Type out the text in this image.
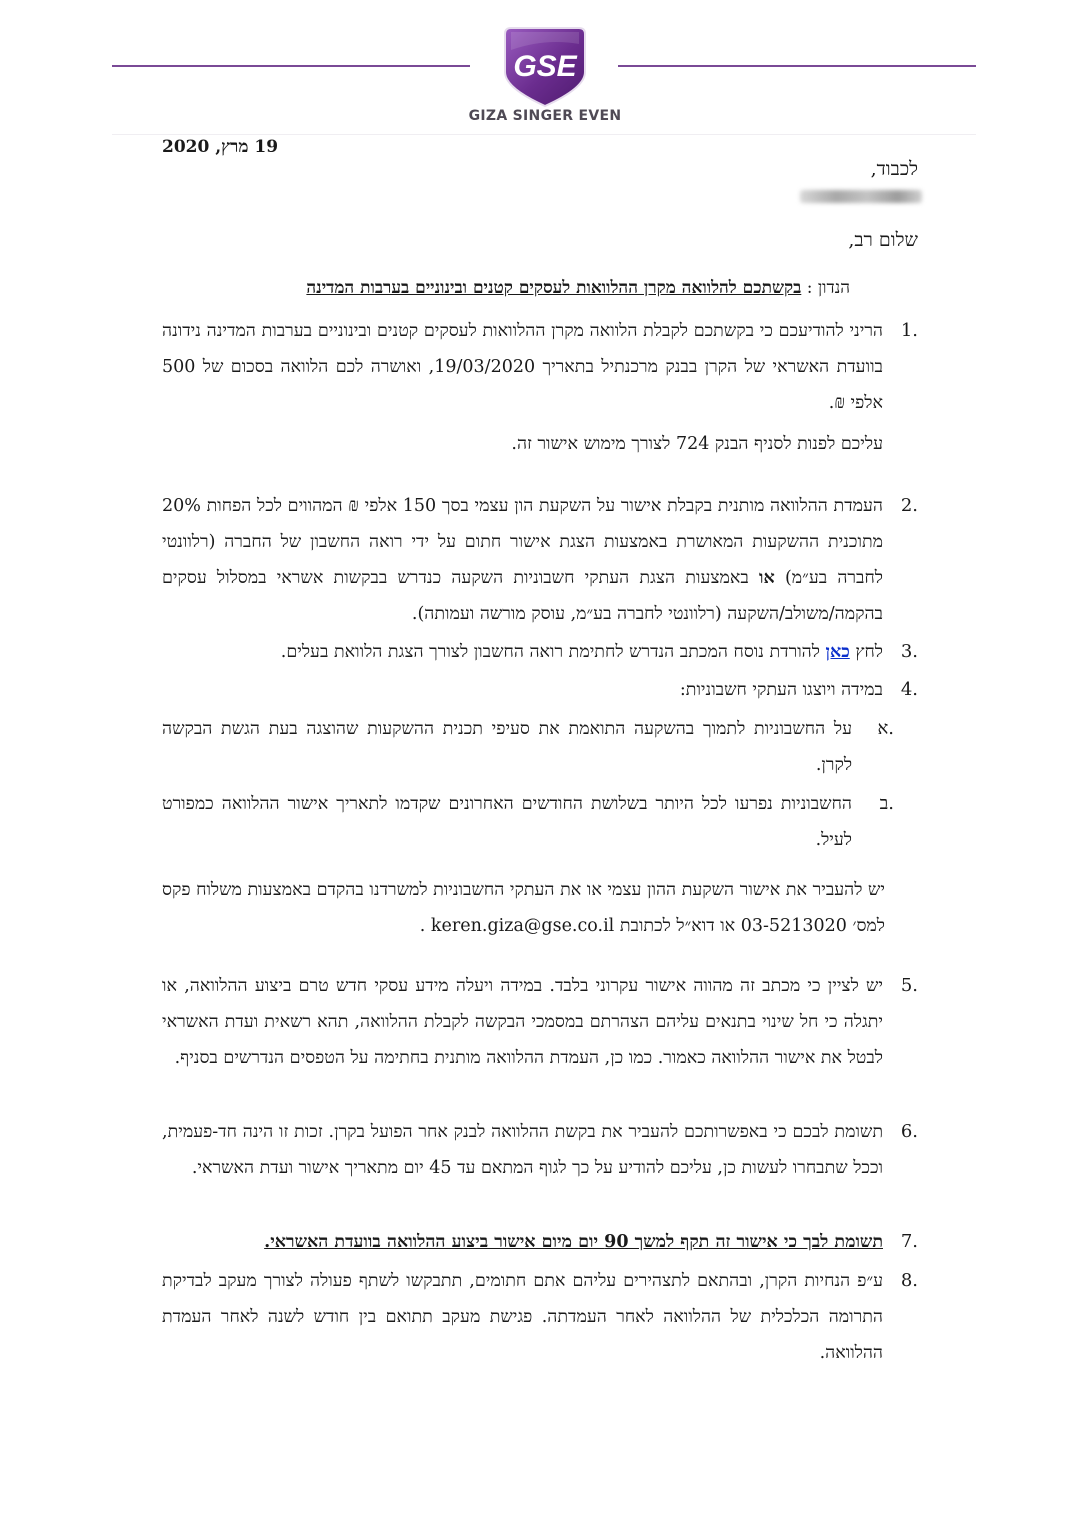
GSE
GIZA SINGER EVEN
19 מרץ, 2020
לכבוד,
שלום רב,
הנדון : בקשתכם להלוואה מקרן ההלוואות לעסקים קטנים ובינוניים בערבות המדינה
1.
הריני להודיעכם כי בקשתכם לקבלת הלוואה מקרן ההלוואות לעסקים קטנים ובינוניים בערבות המדינה נידונה בוועדת האשראי של הקרן בבנק מרכנתיל בתאריך 19/03/2020, ואושרה לכם הלוואה בסכום של 500 אלפי ₪.
עליכם לפנות לסניף הבנק 724 לצורך מימוש אישור זה.
2.
העמדת ההלוואה מותנית בקבלת אישור על השקעת הון עצמי בסך 150 אלפי ₪ המהווים לכל הפחות 20% מתוכנית ההשקעות המאושרת באמצעות הצגת אישור חתום על ידי רואה החשבון של החברה (רלוונטי לחברה בע״מ) או באמצעות הצגת העתקי חשבוניות השקעה כנדרש בבקשות אשראי במסלול עסקים בהקמה/משולב/השקעה (רלוונטי לחברה בע״מ, עוסק מורשה ועמותה).
3.
לחץ כאן להורדת נוסח המכתב הנדרש לחתימת רואה החשבון לצורך הצגת הלוואת בעלים.
4.
במידה ויוצגו העתקי חשבוניות:
א.
על החשבוניות לתמוך בהשקעה התואמת את סעיפי תכנית ההשקעות שהוצגה בעת הגשת הבקשה לקרן.
ב.
החשבוניות נפרעו לכל היותר בשלושת החודשים האחרונים שקדמו לתאריך אישור ההלוואה כמפורט לעיל.
יש להעביר את אישור השקעת ההון עצמי או את העתקי החשבוניות למשרדנו בהקדם באמצעות משלוח פקס למס׳ 03-5213020 או דוא״ל לכתובת keren.giza@gse.co.il .
5.
יש לציין כי מכתב זה מהווה אישור עקרוני בלבד. במידה ויעלה מידע עסקי חדש טרם ביצוע ההלוואה, או יתגלה כי חל שינוי בתנאים עליהם הצהרתם במסמכי הבקשה לקבלת ההלוואה, תהא רשאית ועדת האשראי לבטל את אישור ההלוואה כאמור. כמו כן, העמדת ההלוואה מותנית בחתימה על הטפסים הנדרשים בסניף.
6.
תשומת לבכם כי באפשרותכם להעביר את בקשת ההלוואה לבנק אחר הפועל בקרן. זכות זו הינה חד-פעמית, וככל שתבחרו לעשות כן, עליכם להודיע על כך לגוף המתאם עד 45 יום מתאריך אישור ועדת האשראי.
7.
תשומת לבך כי אישור זה תקף למשך 90 יום מיום אישור ביצוע ההלוואה בוועדת האשראי.
8.
ע״פ הנחיות הקרן, ובהתאם לתצהירים עליהם אתם חתומים, תתבקשו לשתף פעולה לצורך מעקב לבדיקת התרומה הכלכלית של ההלוואה לאחר העמדתה. פגישת מעקב תתואם בין חודש לשנה לאחר העמדת ההלוואה.
